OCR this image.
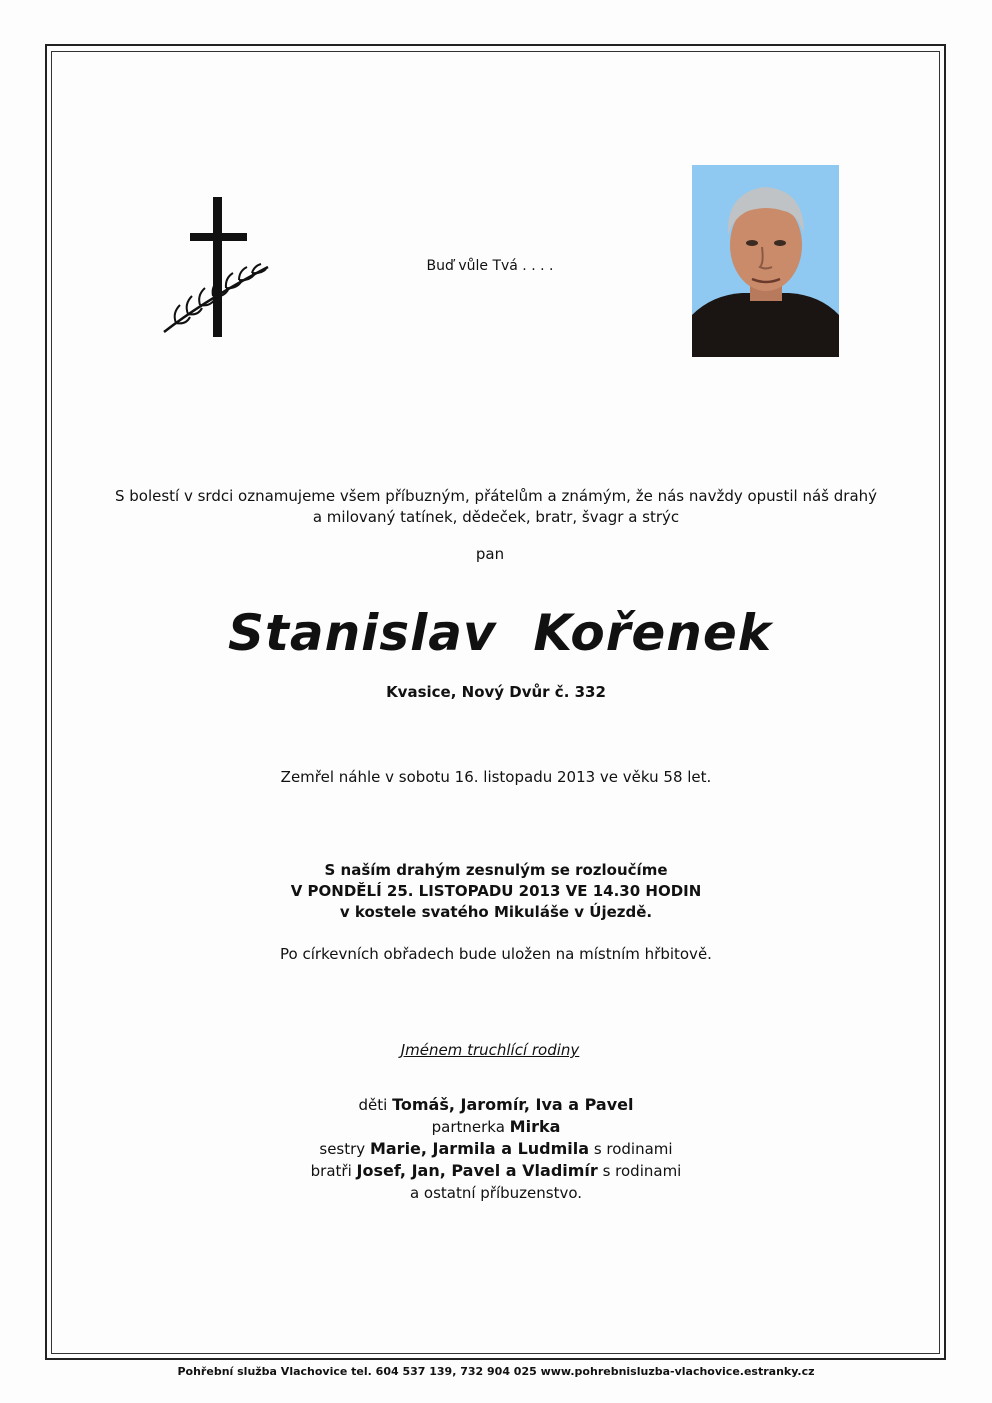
Buď vůle Tvá . . . .
S bolestí v srdci oznamujeme všem příbuzným, přátelům a známým, že nás navždy opustil náš drahý a milovaný tatínek, dědeček, bratr, švagr a strýc
pan
Stanislav  Kořenek
Kvasice, Nový Dvůr č. 332
Zemřel náhle v sobotu 16. listopadu 2013 ve věku 58 let.
S naším drahým zesnulým se rozloučíme
V PONDĚLÍ 25. LISTOPADU 2013 VE 14.30 HODIN
v kostele svatého Mikuláše v Újezdě.
Po církevních obřadech bude uložen na místním hřbitově.
Jménem truchlící rodiny
děti Tomáš, Jaromír, Iva a Pavel
partnerka Mirka
sestry Marie, Jarmila a Ludmila s rodinami
bratři Josef, Jan, Pavel a Vladimír s rodinami
a ostatní příbuzenstvo.
Pohřební služba Vlachovice tel. 604 537 139, 732 904 025 www.pohrebnisluzba-vlachovice.estranky.cz
